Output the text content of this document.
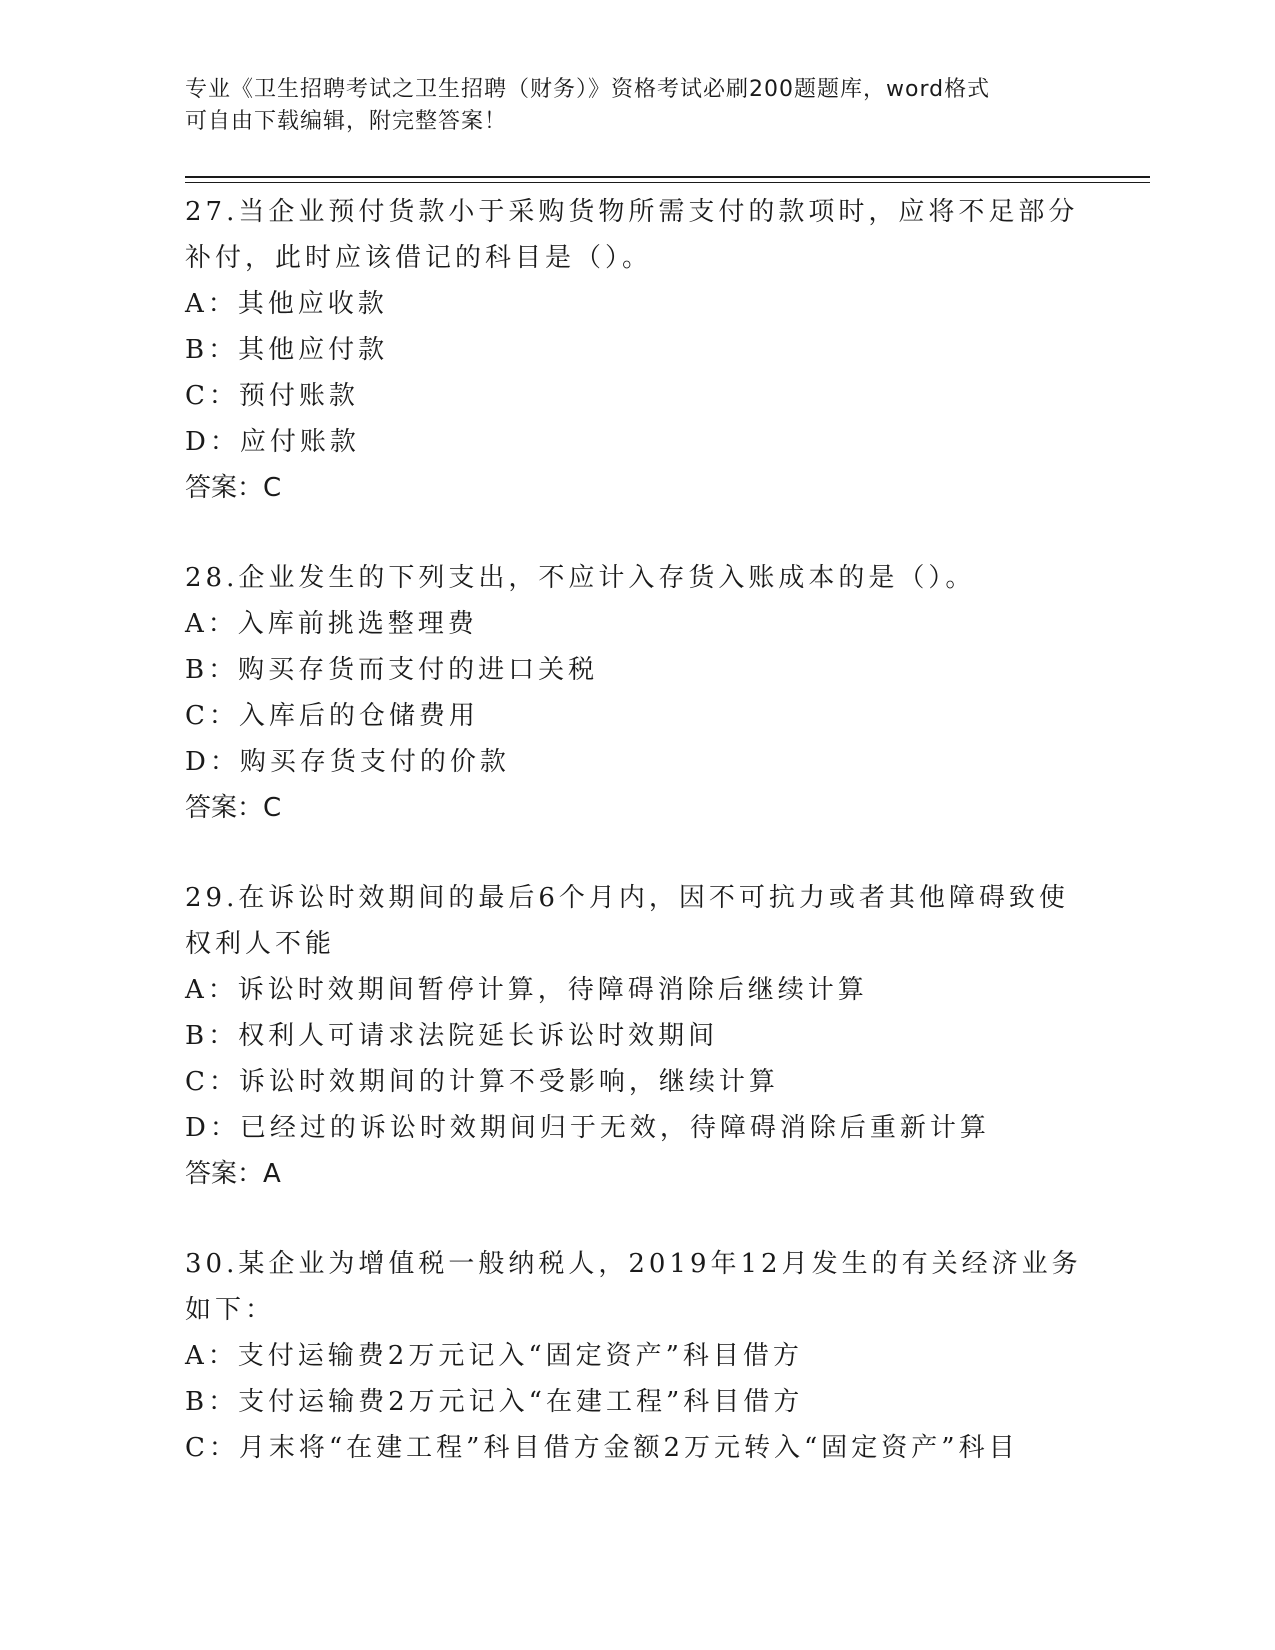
专业《卫生招聘考试之卫生招聘（财务）》资格考试必刷200题题库，word格式
可自由下载编辑，附完整答案！

27.当企业预付货款小于采购货物所需支付的款项时，应将不足部分补付，此时应该借记的科目是（）。

A：其他应收款

B：其他应付款

C：预付账款

D：应付账款

答案：C

28.企业发生的下列支出，不应计入存货入账成本的是（）。

A：入库前挑选整理费

B：购买存货而支付的进口关税

C：入库后的仓储费用

D：购买存货支付的价款

答案：C

29.在诉讼时效期间的最后6个月内，因不可抗力或者其他障碍致使权利人不能

A：诉讼时效期间暂停计算，待障碍消除后继续计算

B：权利人可请求法院延长诉讼时效期间

C：诉讼时效期间的计算不受影响，继续计算

D：已经过的诉讼时效期间归于无效，待障碍消除后重新计算

答案：A

30.某企业为增值税一般纳税人，2019年12月发生的有关经济业务如下：

A：支付运输费2万元记入“固定资产”科目借方

B：支付运输费2万元记入“在建工程”科目借方

C：月末将“在建工程”科目借方金额2万元转入“固定资产”科目
